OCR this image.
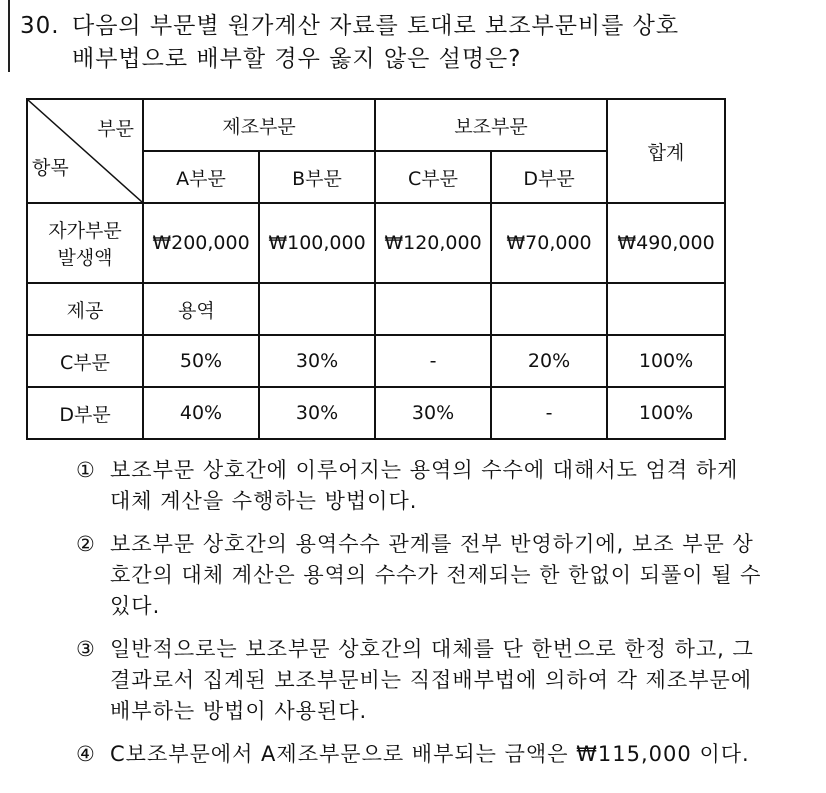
30. 다음의 부문별 원가계산 자료를 토대로 보조부문비를 상호
배부법으로 배부할 경우 옳지 않은 설명은?
부문
항목	제조부문		보조부문		합계
	A부문	B부문	C부문	D부문	

자가부문
발생액	₩200,000	₩100,000	₩120,000	₩70,000	₩490,000
제공	용역				
C부문	50%	30%	-	20%	100%
D부문	40%	30%	30%	-	100%
① 보조부문 상호간에 이루어지는 용역의 수수에 대해서도 엄격 하게 대체 계산을 수행하는 방법이다.
② 보조부문 상호간의 용역수수 관계를 전부 반영하기에, 보조 부문 상호간의 대체 계산은 용역의 수수가 전제되는 한 한없이 되풀이 될 수 있다.
③ 일반적으로는 보조부문 상호간의 대체를 단 한번으로 한정 하고, 그 결과로서 집계된 보조부문비는 직접배부법에 의하여 각 제조부문에 배부하는 방법이 사용된다.
④ C보조부문에서 A제조부문으로 배부되는 금액은 ₩115,000 이다.
